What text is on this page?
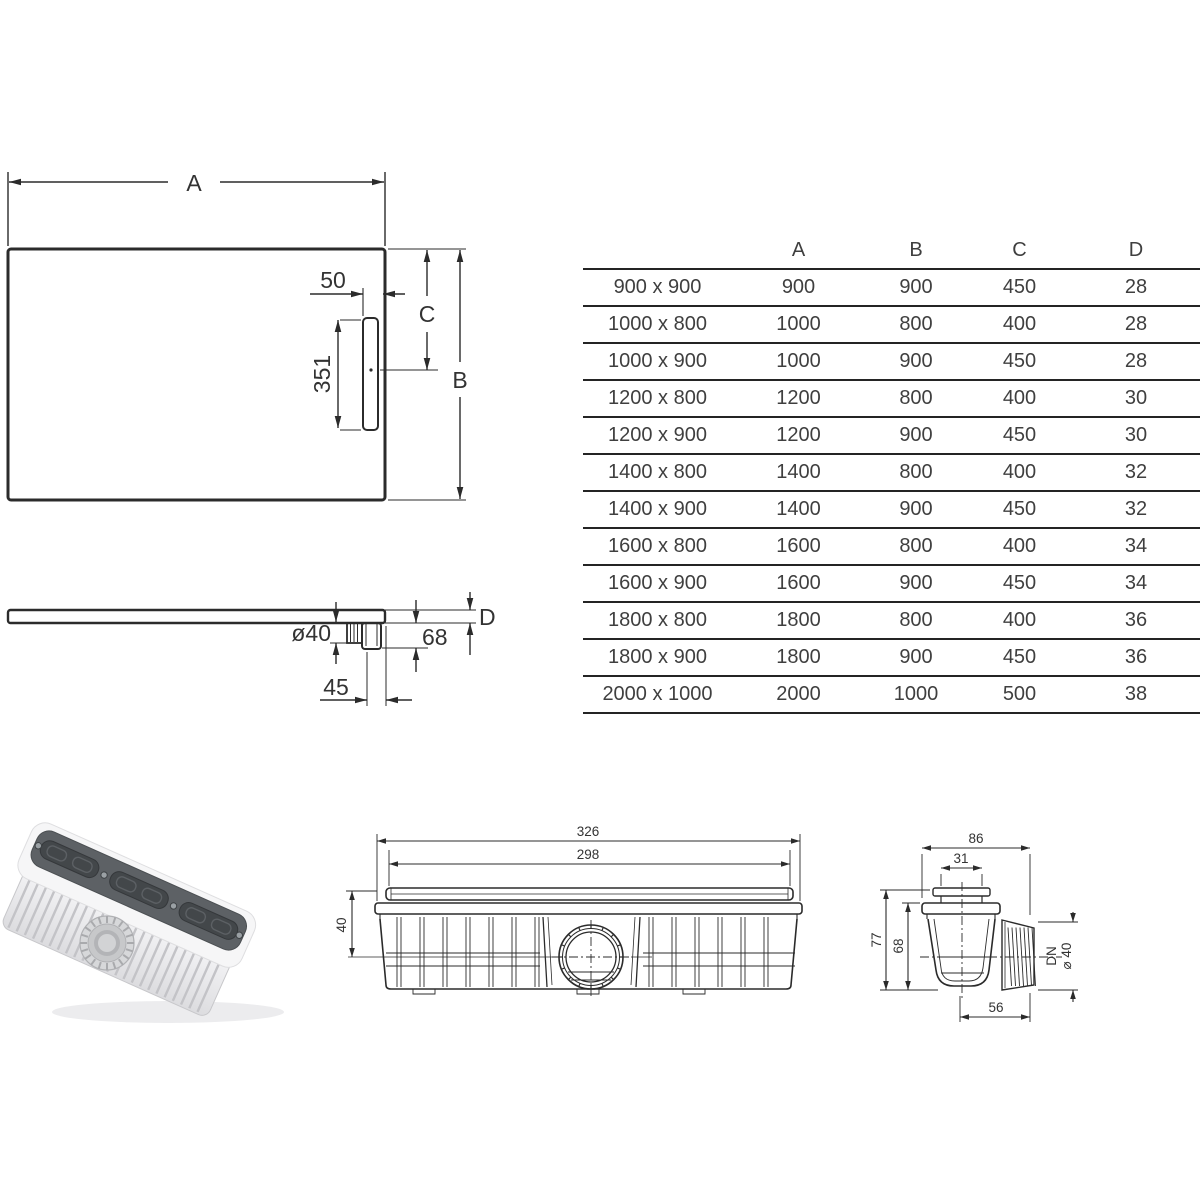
A
C
B
50
351
D
ø40	68
45
326
298
40
86
31
DN ⌀ 40
77 68
56
	A	B	C	D
900 x 900	900	900	450	28
1000 x 800	1000	800	400	28
1000 x 900	1000	900	450	28
1200 x 800	1200	800	400	30
1200 x 900	1200	900	450	30
1400 x 800	1400	800	400	32
1400 x 900	1400	900	450	32
1600 x 800	1600	800	400	34
1600 x 900	1600	900	450	34
1800 x 800	1800	800	400	36
1800 x 900	1800	900	450	36
2000 x 1000	2000	1000	500	38
